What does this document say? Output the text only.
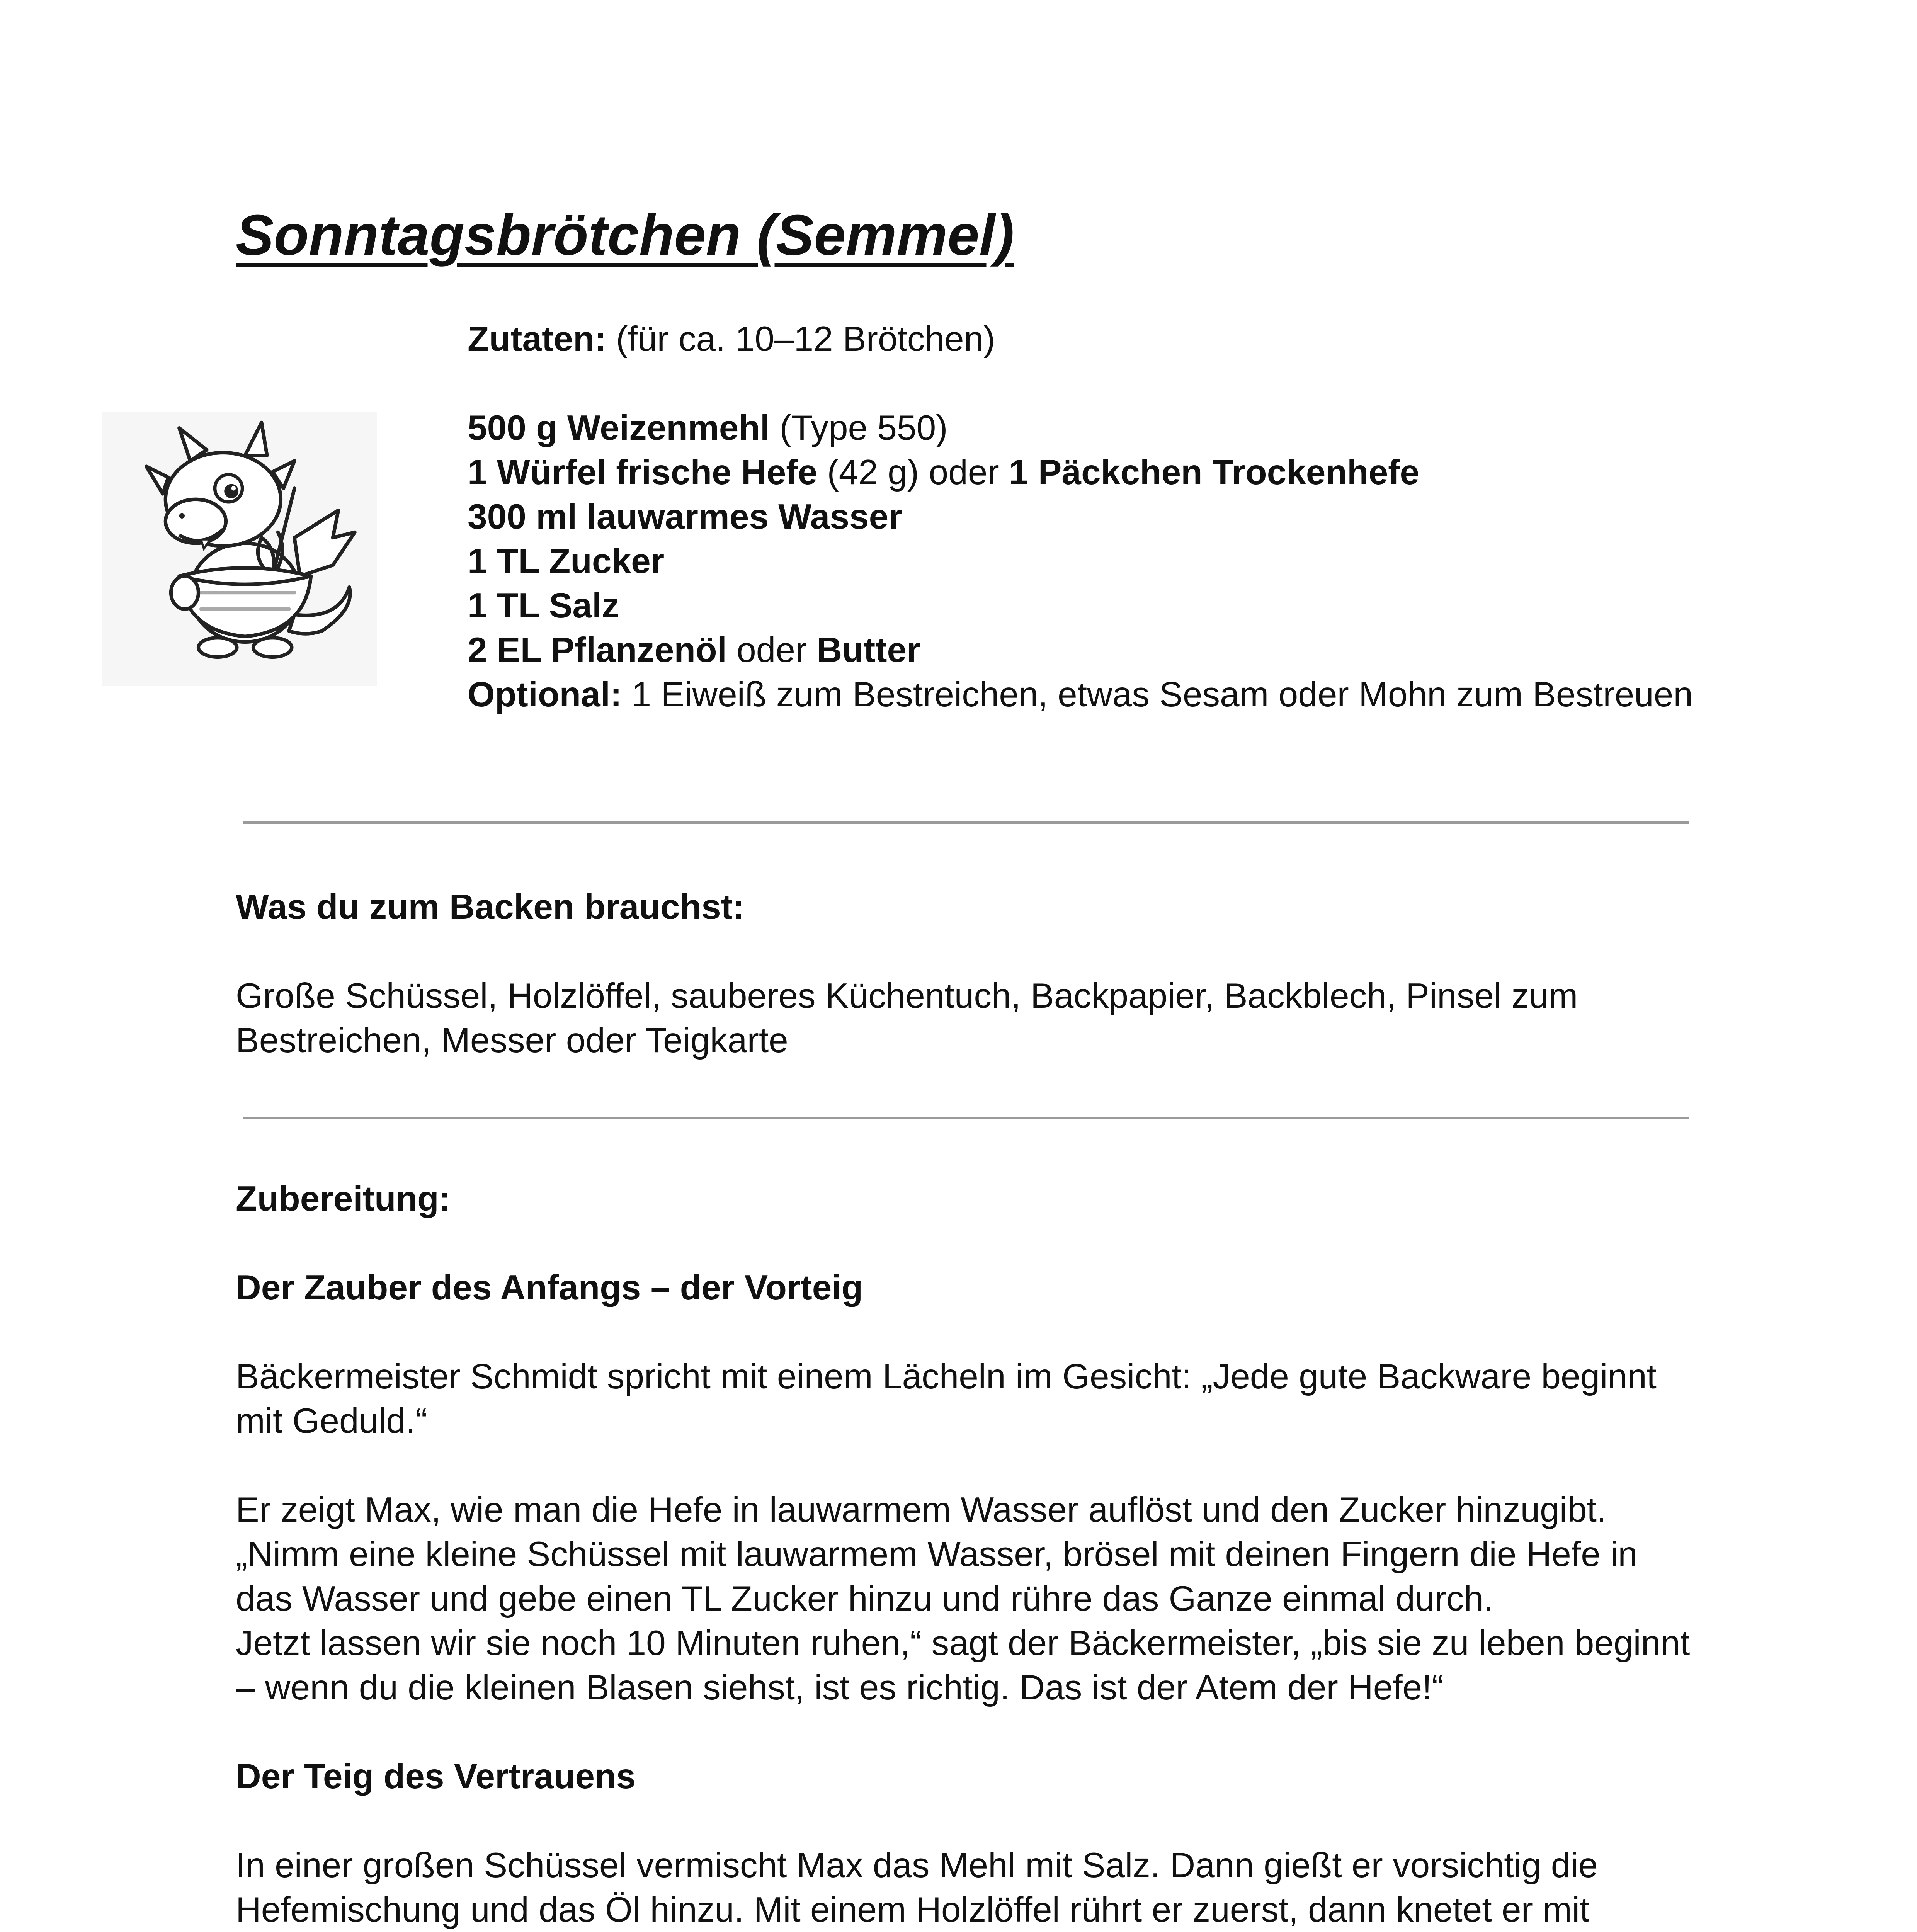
Sonntagsbrötchen (Semmel)

Zutaten: (für ca. 10–12 Brötchen)

500 g Weizenmehl (Type 550)

1 Würfel frische Hefe (42 g) oder 1 Päckchen Trockenhefe

300 ml lauwarmes Wasser

1 TL Zucker

1 TL Salz

2 EL Pflanzenöl oder Butter

Optional: 1 Eiweiß zum Bestreichen, etwas Sesam oder Mohn zum Bestreuen

Was du zum Backen brauchst:

Große Schüssel, Holzlöffel, sauberes Küchentuch, Backpapier, Backblech, Pinsel zum Bestreichen, Messer oder Teigkarte

Zubereitung:

Der Zauber des Anfangs – der Vorteig

Bäckermeister Schmidt spricht mit einem Lächeln im Gesicht: „Jede gute Backware beginnt mit Geduld.“

Er zeigt Max, wie man die Hefe in lauwarmem Wasser auflöst und den Zucker hinzugibt. „Nimm eine kleine Schüssel mit lauwarmem Wasser, brösel mit deinen Fingern die Hefe in das Wasser und gebe einen TL Zucker hinzu und rühre das Ganze einmal durch.

Jetzt lassen wir sie noch 10 Minuten ruhen,“ sagt der Bäckermeister, „bis sie zu leben beginnt – wenn du die kleinen Blasen siehst, ist es richtig. Das ist der Atem der Hefe!“

Der Teig des Vertrauens

In einer großen Schüssel vermischt Max das Mehl mit Salz. Dann gießt er vorsichtig die Hefemischung und das Öl hinzu. Mit einem Holzlöffel rührt er zuerst, dann knetet er mit
